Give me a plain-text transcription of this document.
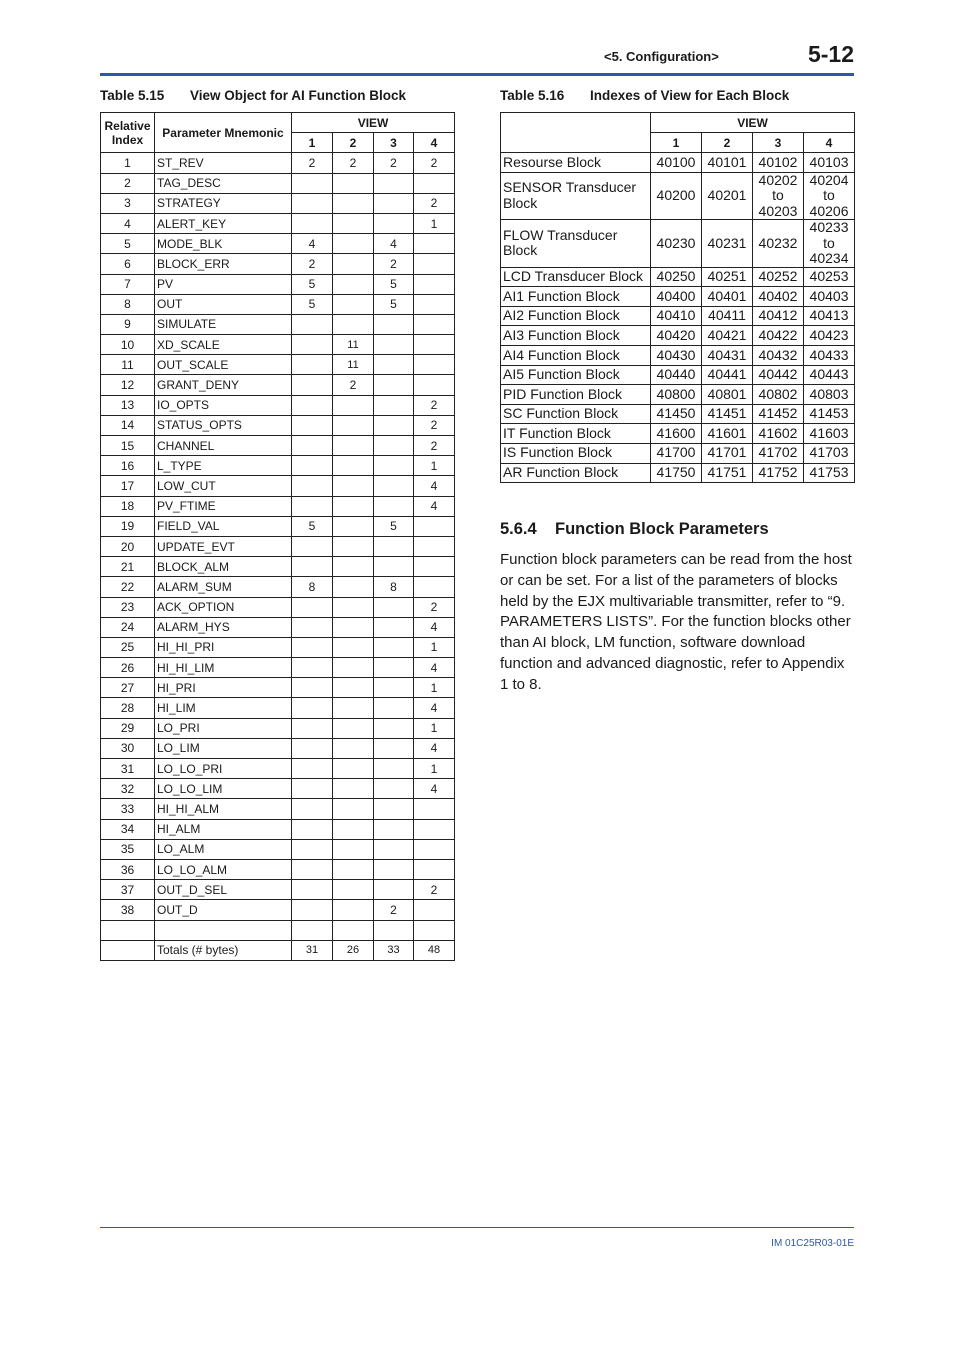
<5. Configuration>	5-12
Table 5.15 View Object for AI Function Block
Relative Index	Parameter Mnemonic	VIEW			
		1	2	3	4
1	ST_REV	2	2	2	2
2	TAG_DESC				
3	STRATEGY				2
4	ALERT_KEY				1
5	MODE_BLK	4		4	
6	BLOCK_ERR	2		2	
7	PV	5		5	
8	OUT	5		5	
9	SIMULATE				
10	XD_SCALE		11		
11	OUT_SCALE		11		
12	GRANT_DENY		2		
13	IO_OPTS				2
14	STATUS_OPTS				2
15	CHANNEL				2
16	L_TYPE				1
17	LOW_CUT				4
18	PV_FTIME				4
19	FIELD_VAL	5		5	
20	UPDATE_EVT				
21	BLOCK_ALM				
22	ALARM_SUM	8		8	
23	ACK_OPTION				2
24	ALARM_HYS				4
25	HI_HI_PRI				1
26	HI_HI_LIM				4
27	HI_PRI				1
28	HI_LIM				4
29	LO_PRI				1
30	LO_LIM				4
31	LO_LO_PRI				1
32	LO_LO_LIM				4
33	HI_HI_ALM				
34	HI_ALM				
35	LO_ALM				
36	LO_LO_ALM				
37	OUT_D_SEL				2
38	OUT_D			2	

	Totals (# bytes)	31	26	33	48
Table 5.16 Indexes of View for Each Block
	VIEW			
	1	2	3	4
Resourse Block	40100	40101	40102	40103
SENSOR Transducer Block	40200	40201	40202 to 40203	40204 to 40206
FLOW Transducer Block	40230	40231	40232	40233 to 40234
LCD Transducer Block	40250	40251	40252	40253
AI1 Function Block	40400	40401	40402	40403
AI2 Function Block	40410	40411	40412	40413
AI3 Function Block	40420	40421	40422	40423
AI4 Function Block	40430	40431	40432	40433
AI5 Function Block	40440	40441	40442	40443
PID Function Block	40800	40801	40802	40803
SC Function Block	41450	41451	41452	41453
IT Function Block	41600	41601	41602	41603
IS Function Block	41700	41701	41702	41703
AR Function Block	41750	41751	41752	41753
5.6.4 Function Block Parameters

Function block parameters can be read from the host or can be set. For a list of the parameters of blocks held by the EJX multivariable transmitter, refer to “9.

PARAMETERS LISTS”. For the function blocks other than AI block, LM function, software download function and advanced diagnostic, refer to Appendix 1 to 8.

IM 01C25R03-01E
